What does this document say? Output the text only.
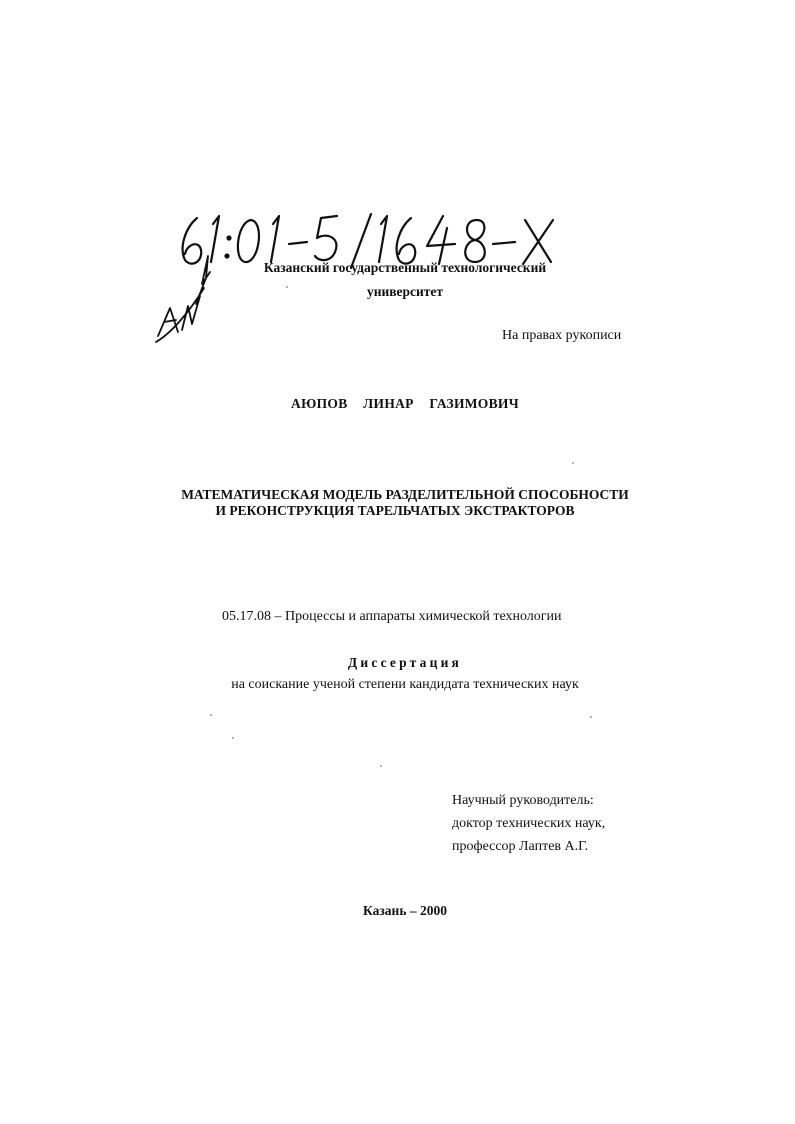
Казанский государственный технологический
университет
На правах рукописи
АЮПОВ ЛИНАР ГАЗИМОВИЧ
МАТЕМАТИЧЕСКАЯ МОДЕЛЬ РАЗДЕЛИТЕЛЬНОЙ СПОСОБНОСТИ
И РЕКОНСТРУКЦИЯ ТАРЕЛЬЧАТЫХ ЭКСТРАКТОРОВ
05.17.08 – Процессы и аппараты химической технологии
Диссертация
на соискание ученой степени кандидата технических наук
Научный руководитель:
доктор технических наук,
профессор Лаптев А.Г.
Казань – 2000
